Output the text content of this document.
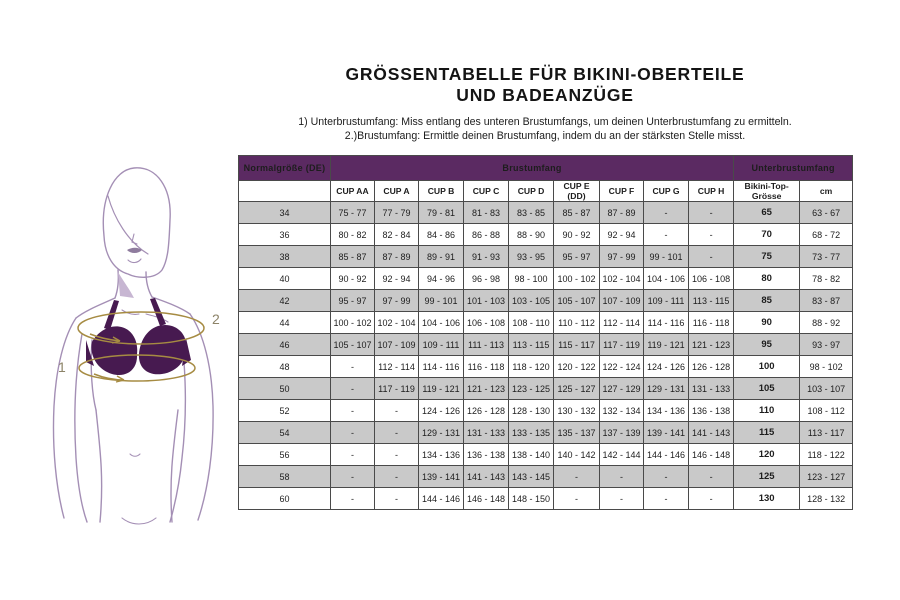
GRÖSSENTABELLE FÜR BIKINI-OBERTEILE
UND BADEANZÜGE
1) Unterbrustumfang: Miss entlang des unteren Brustumfangs, um deinen Unterbrustumfang zu ermitteln.
2.)Brustumfang: Ermittle deinen Brustumfang, indem du an der stärksten Stelle misst.
2
1
Normalgröße (DE)	Brustumfang									Unterbrustumfang	
	CUP AA	CUP A	CUP B	CUP C	CUP D	CUP E (DD)	CUP F	CUP G	CUP H	Bikini-Top-Grösse	cm
34	75 - 77	77 - 79	79 - 81	81 - 83	83 - 85	85 - 87	87 - 89	-	-	65	63 - 67
36	80 - 82	82 - 84	84 - 86	86 - 88	88 - 90	90 - 92	92 - 94	-	-	70	68 - 72
38	85 - 87	87 - 89	89 - 91	91 - 93	93 - 95	95 - 97	97 - 99	99 - 101	-	75	73 - 77
40	90 - 92	92 - 94	94 - 96	96 - 98	98 - 100	100 - 102	102 - 104	104 - 106	106 - 108	80	78 - 82
42	95 - 97	97 - 99	99 - 101	101 - 103	103 - 105	105 - 107	107 - 109	109 - 111	113 - 115	85	83 - 87
44	100 - 102	102 - 104	104 - 106	106 - 108	108 - 110	110 - 112	112 - 114	114 - 116	116 - 118	90	88 - 92
46	105 - 107	107 - 109	109 - 111	111 - 113	113 - 115	115 - 117	117 - 119	119 - 121	121 - 123	95	93 - 97
48	-	112 - 114	114 - 116	116 - 118	118 - 120	120 - 122	122 - 124	124 - 126	126 - 128	100	98 - 102
50	-	117 - 119	119 - 121	121 - 123	123 - 125	125 - 127	127 - 129	129 - 131	131 - 133	105	103 - 107
52	-	-	124 - 126	126 - 128	128 - 130	130 - 132	132 - 134	134 - 136	136 - 138	110	108 - 112
54	-	-	129 - 131	131 - 133	133 - 135	135 - 137	137 - 139	139 - 141	141 - 143	115	113 - 117
56	-	-	134 - 136	136 - 138	138 - 140	140 - 142	142 - 144	144 - 146	146 - 148	120	118 - 122
58	-	-	139 - 141	141 - 143	143 - 145	-	-	-	-	125	123 - 127
60	-	-	144 - 146	146 - 148	148 - 150	-	-	-	-	130	128 - 132
